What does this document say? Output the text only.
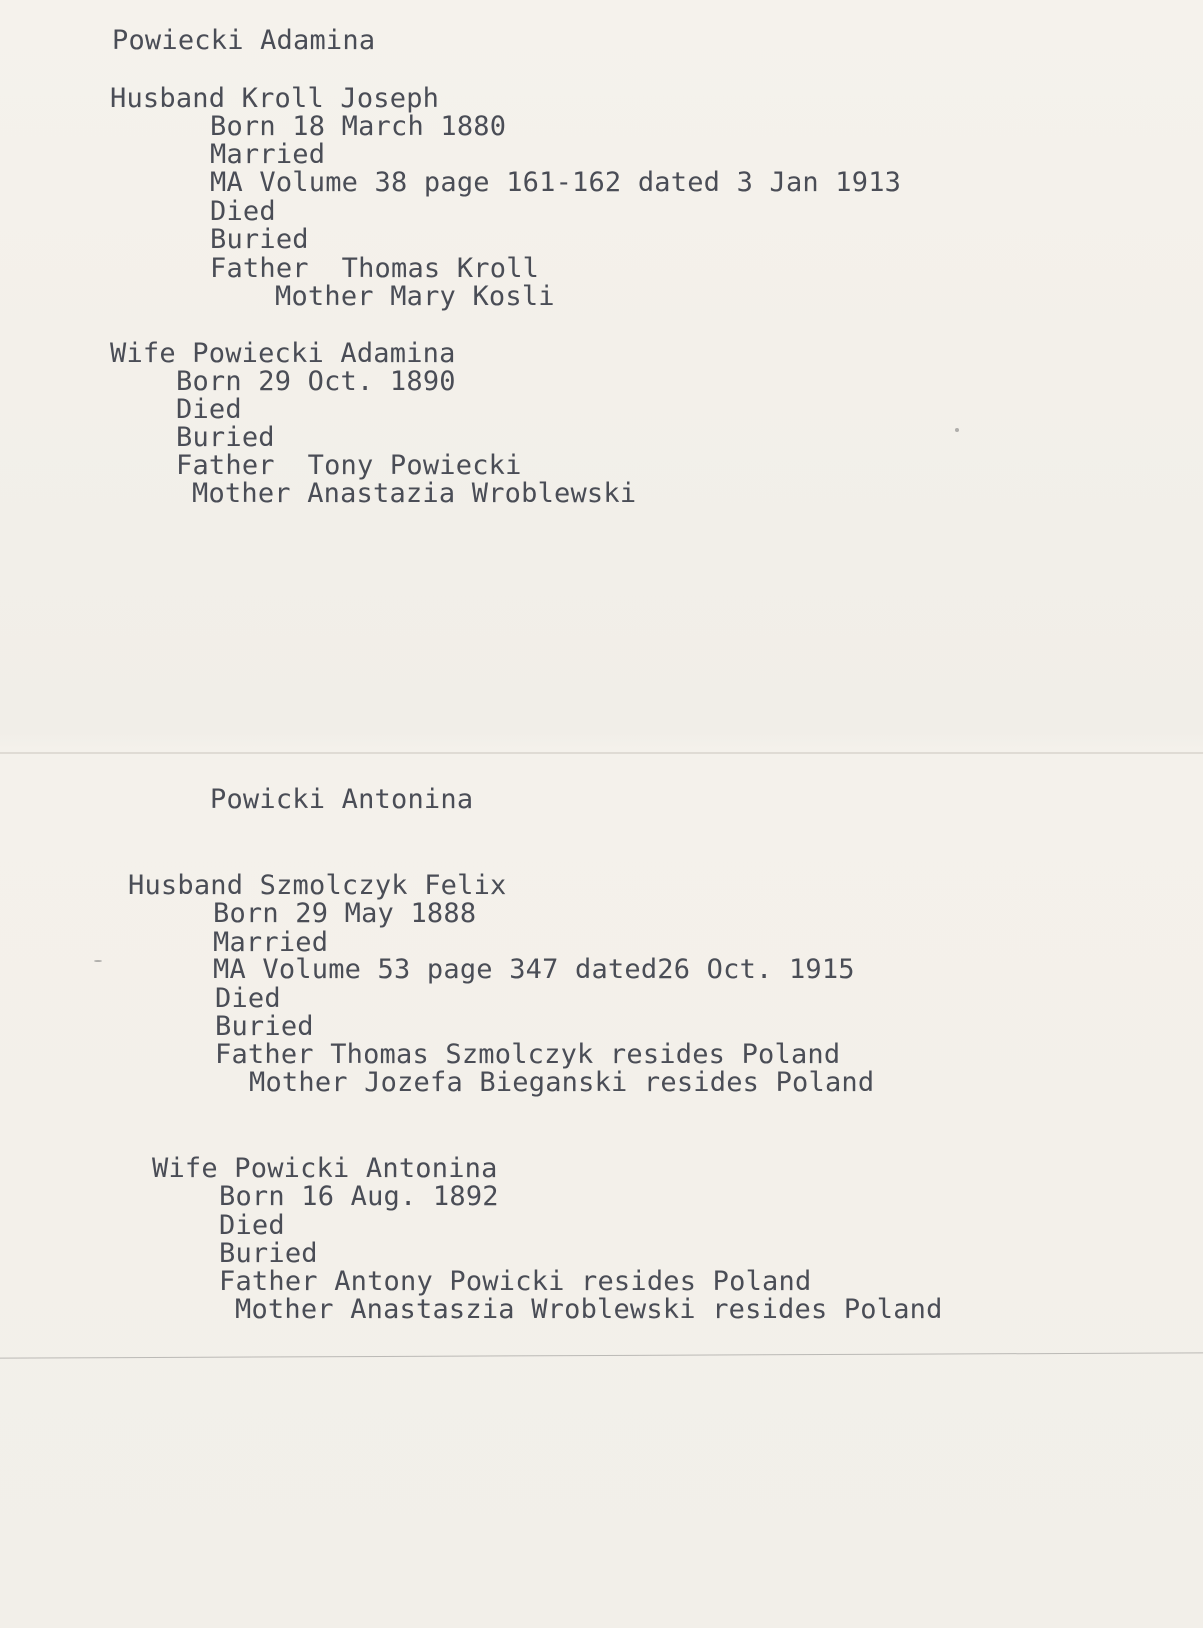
Powiecki Adamina
Husband Kroll Joseph
Born 18 March 1880
Married
MA Volume 38 page 161-162 dated 3 Jan 1913
Died
Buried
Father  Thomas Kroll
Mother Mary Kosli
Wife Powiecki Adamina
Born 29 Oct. 1890
Died
Buried
Father  Tony Powiecki
Mother Anastazia Wroblewski
Powicki Antonina
Husband Szmolczyk Felix
Born 29 May 1888
Married
MA Volume 53 page 347 dated26 Oct. 1915
Died
Buried
Father Thomas Szmolczyk resides Poland
Mother Jozefa Bieganski resides Poland
Wife Powicki Antonina
Born 16 Aug. 1892
Died
Buried
Father Antony Powicki resides Poland
Mother Anastaszia Wroblewski resides Poland
